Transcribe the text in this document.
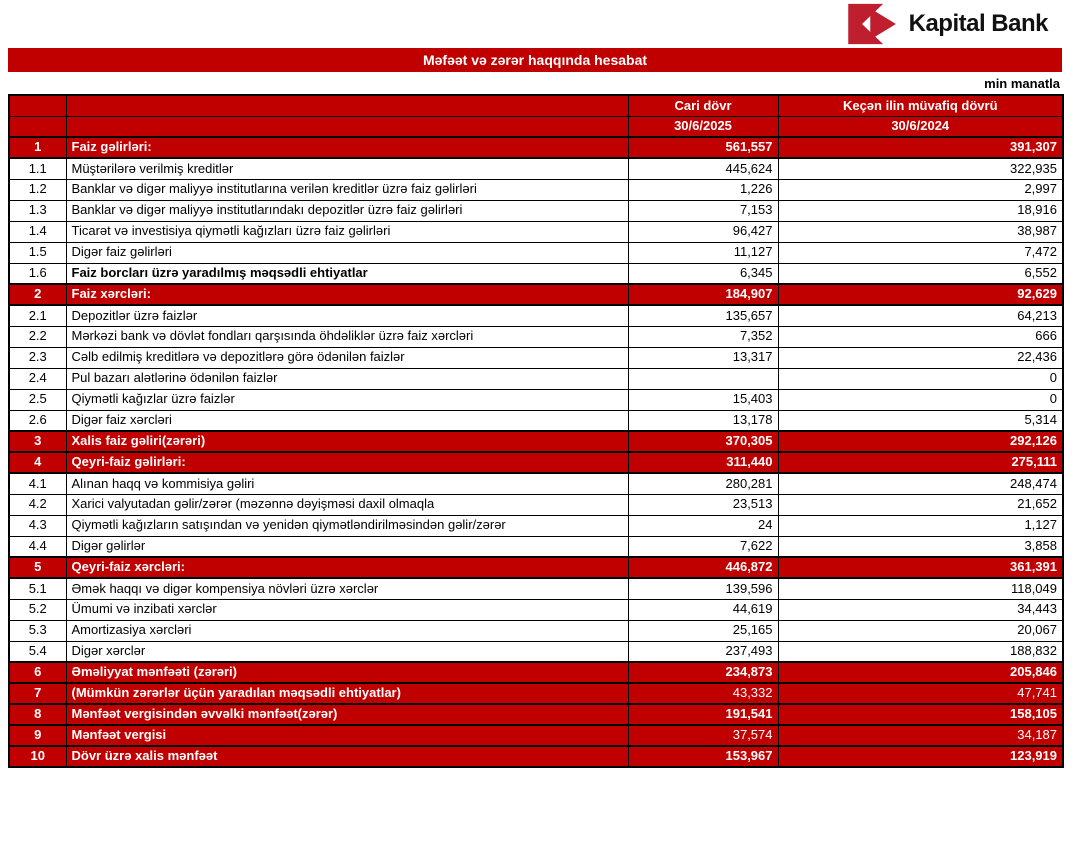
Kapital Bank
Məfəət və zərər haqqında hesabat
min manatla
		Cari dövr	Keçən ilin müvafiq dövrü
		30/6/2025	30/6/2024
1	Faiz gəlirləri:	561,557	391,307
1.1	Müştərilərə verilmiş kreditlər	445,624	322,935
1.2	Banklar və digər maliyyə institutlarına verilən kreditlər üzrə faiz gəlirləri	1,226	2,997
1.3	Banklar və digər maliyyə institutlarındakı depozitlər üzrə faiz gəlirləri	7,153	18,916
1.4	Ticarət və investisiya qiymətli kağızları üzrə faiz gəlirləri	96,427	38,987
1.5	Digər faiz gəlirləri	11,127	7,472
1.6	Faiz borcları üzrə yaradılmış məqsədli ehtiyatlar	6,345	6,552
2	Faiz xərcləri:	184,907	92,629
2.1	Depozitlər üzrə faizlər	135,657	64,213
2.2	Mərkəzi bank və dövlət fondları qarşısında öhdəliklər üzrə faiz xərcləri	7,352	666
2.3	Cəlb edilmiş kreditlərə və depozitlərə görə ödənilən faizlər	13,317	22,436
2.4	Pul bazarı alətlərinə ödənilən faizlər		0
2.5	Qiymətli kağızlar üzrə faizlər	15,403	0
2.6	Digər faiz xərcləri	13,178	5,314
3	Xalis faiz gəliri(zərəri)	370,305	292,126
4	Qeyri-faiz gəlirləri:	311,440	275,111
4.1	Alınan haqq və kommisiya gəliri	280,281	248,474
4.2	Xarici valyutadan gəlir/zərər (məzənnə dəyişməsi daxil olmaqla	23,513	21,652
4.3	Qiymətli kağızların satışından və yenidən qiymətləndirilməsindən gəlir/zərər	24	1,127
4.4	Digər gəlirlər	7,622	3,858
5	Qeyri-faiz xərcləri:	446,872	361,391
5.1	Əmək haqqı və digər kompensiya növləri üzrə xərclər	139,596	118,049
5.2	Ümumi və inzibati xərclər	44,619	34,443
5.3	Amortizasiya xərcləri	25,165	20,067
5.4	Digər xərclər	237,493	188,832
6	Əməliyyat mənfəəti (zərəri)	234,873	205,846
7	(Mümkün zərərlər üçün yaradılan məqsədli ehtiyatlar)	43,332	47,741
8	Mənfəət vergisindən əvvəlki mənfəət(zərər)	191,541	158,105
9	Mənfəət vergisi	37,574	34,187
10	Dövr üzrə xalis mənfəət	153,967	123,919
